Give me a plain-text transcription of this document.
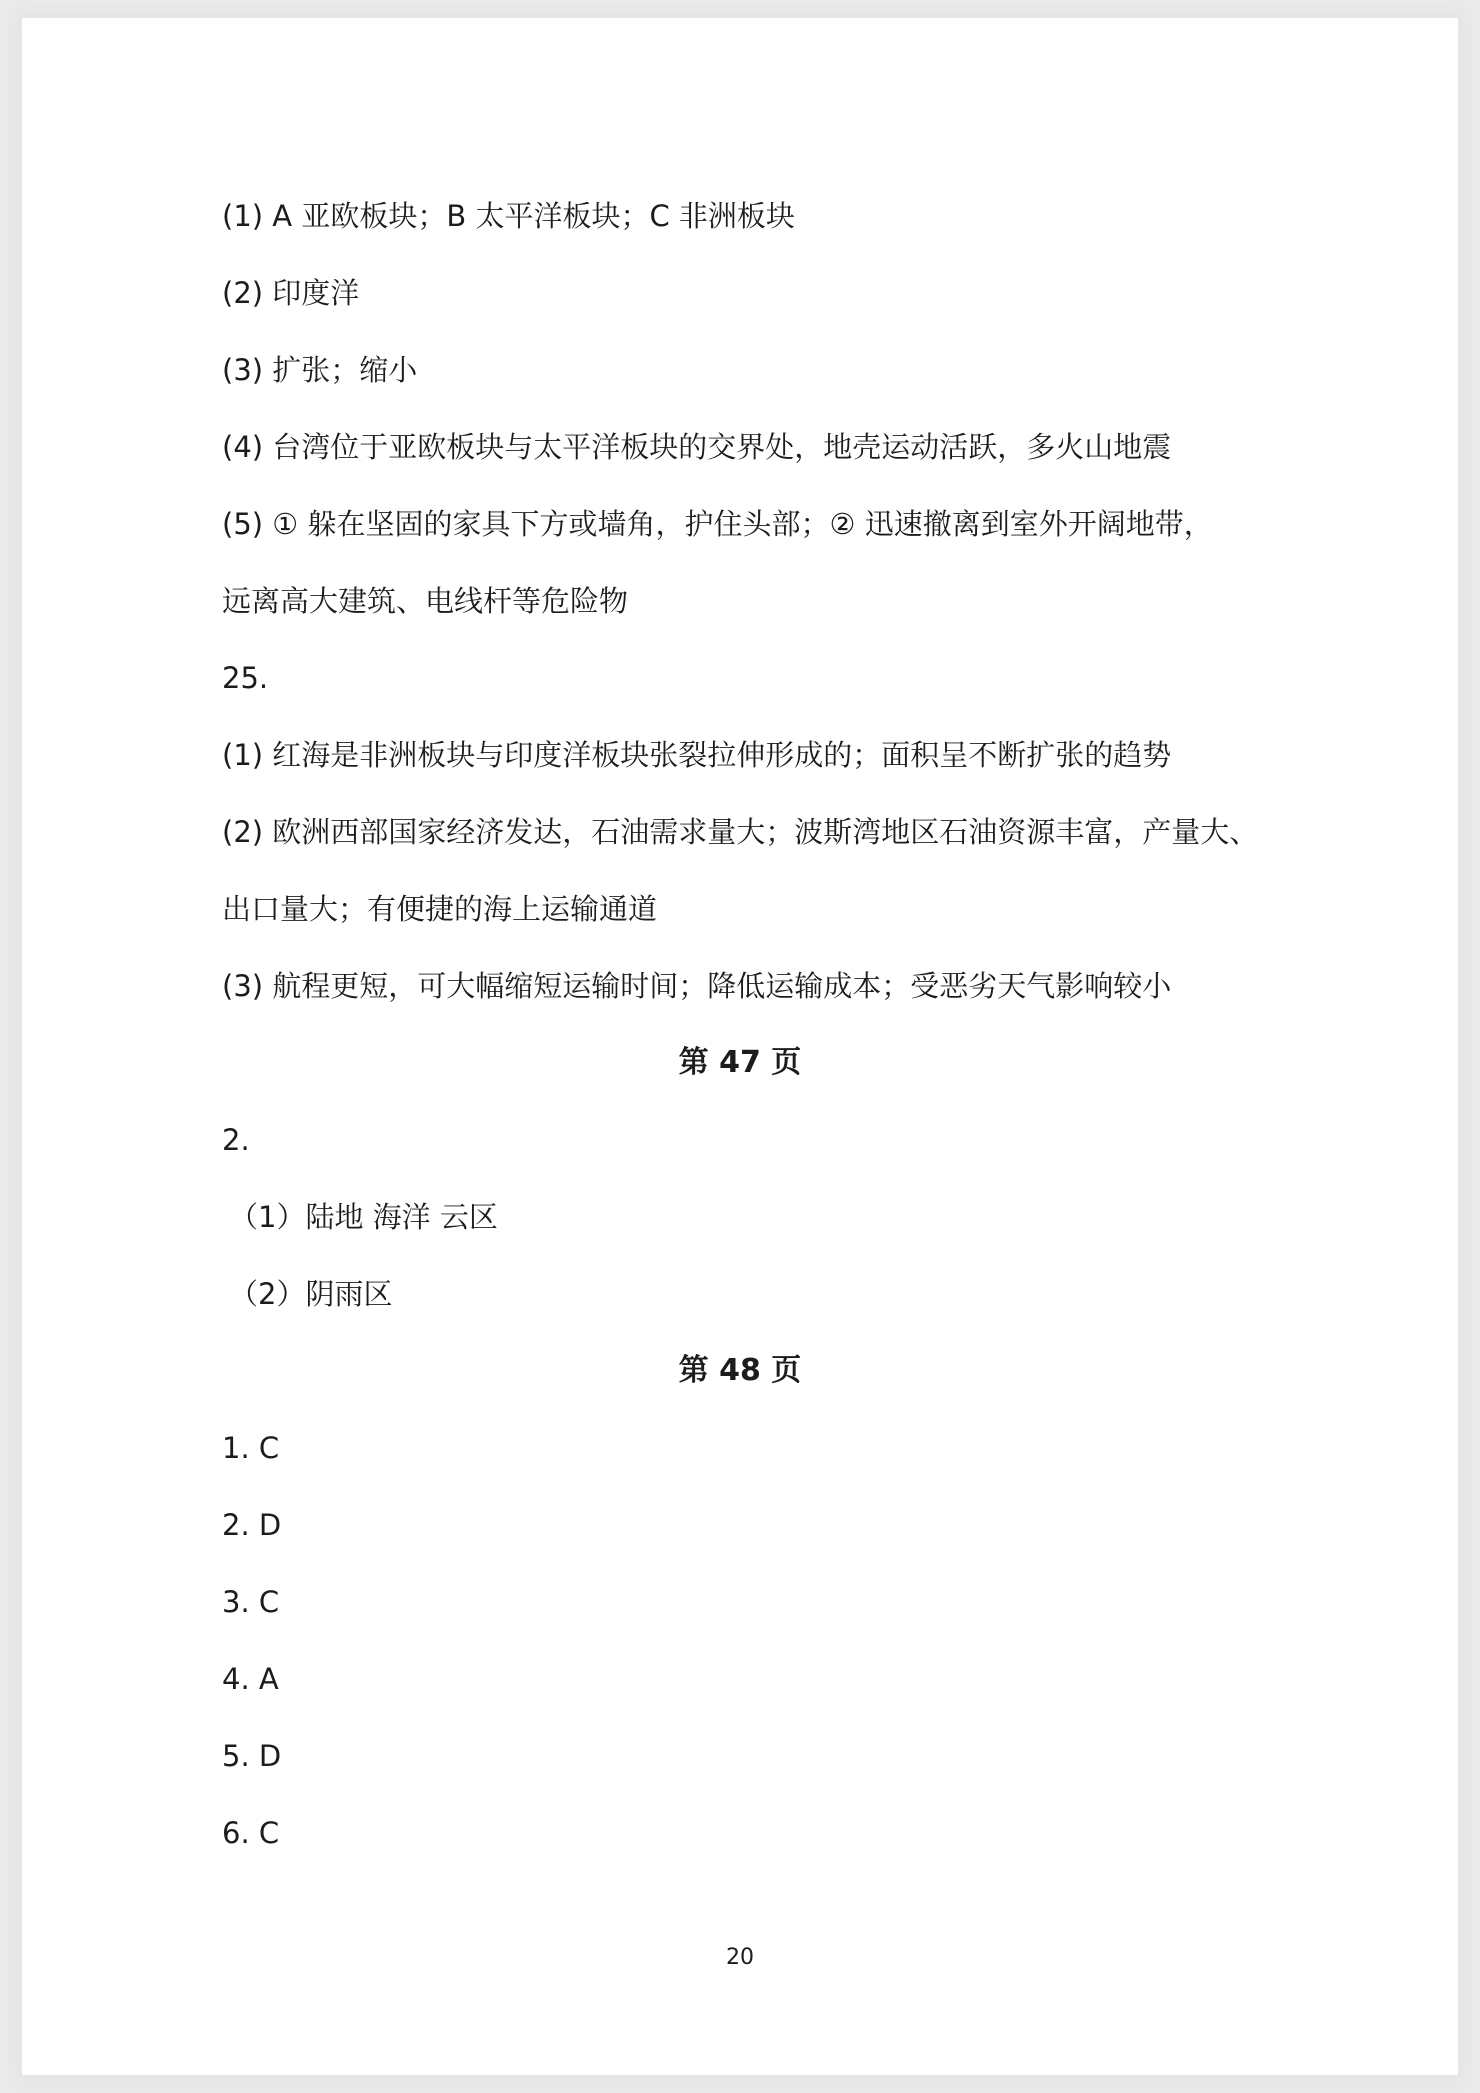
(1) A 亚欧板块；B 太平洋板块；C 非洲板块
(2) 印度洋
(3) 扩张；缩小
(4) 台湾位于亚欧板块与太平洋板块的交界处，地壳运动活跃，多火山地震
(5) ① 躲在坚固的家具下方或墙角，护住头部；② 迅速撤离到室外开阔地带，
远离高大建筑、电线杆等危险物
25.
(1) 红海是非洲板块与印度洋板块张裂拉伸形成的；面积呈不断扩张的趋势
(2) 欧洲西部国家经济发达，石油需求量大；波斯湾地区石油资源丰富，产量大、
出口量大；有便捷的海上运输通道
(3) 航程更短，可大幅缩短运输时间；降低运输成本；受恶劣天气影响较小
第 47 页
2.
（1）陆地 海洋 云区
（2）阴雨区
第 48 页
1. C
2. D
3. C
4. A
5. D
6. C
20
